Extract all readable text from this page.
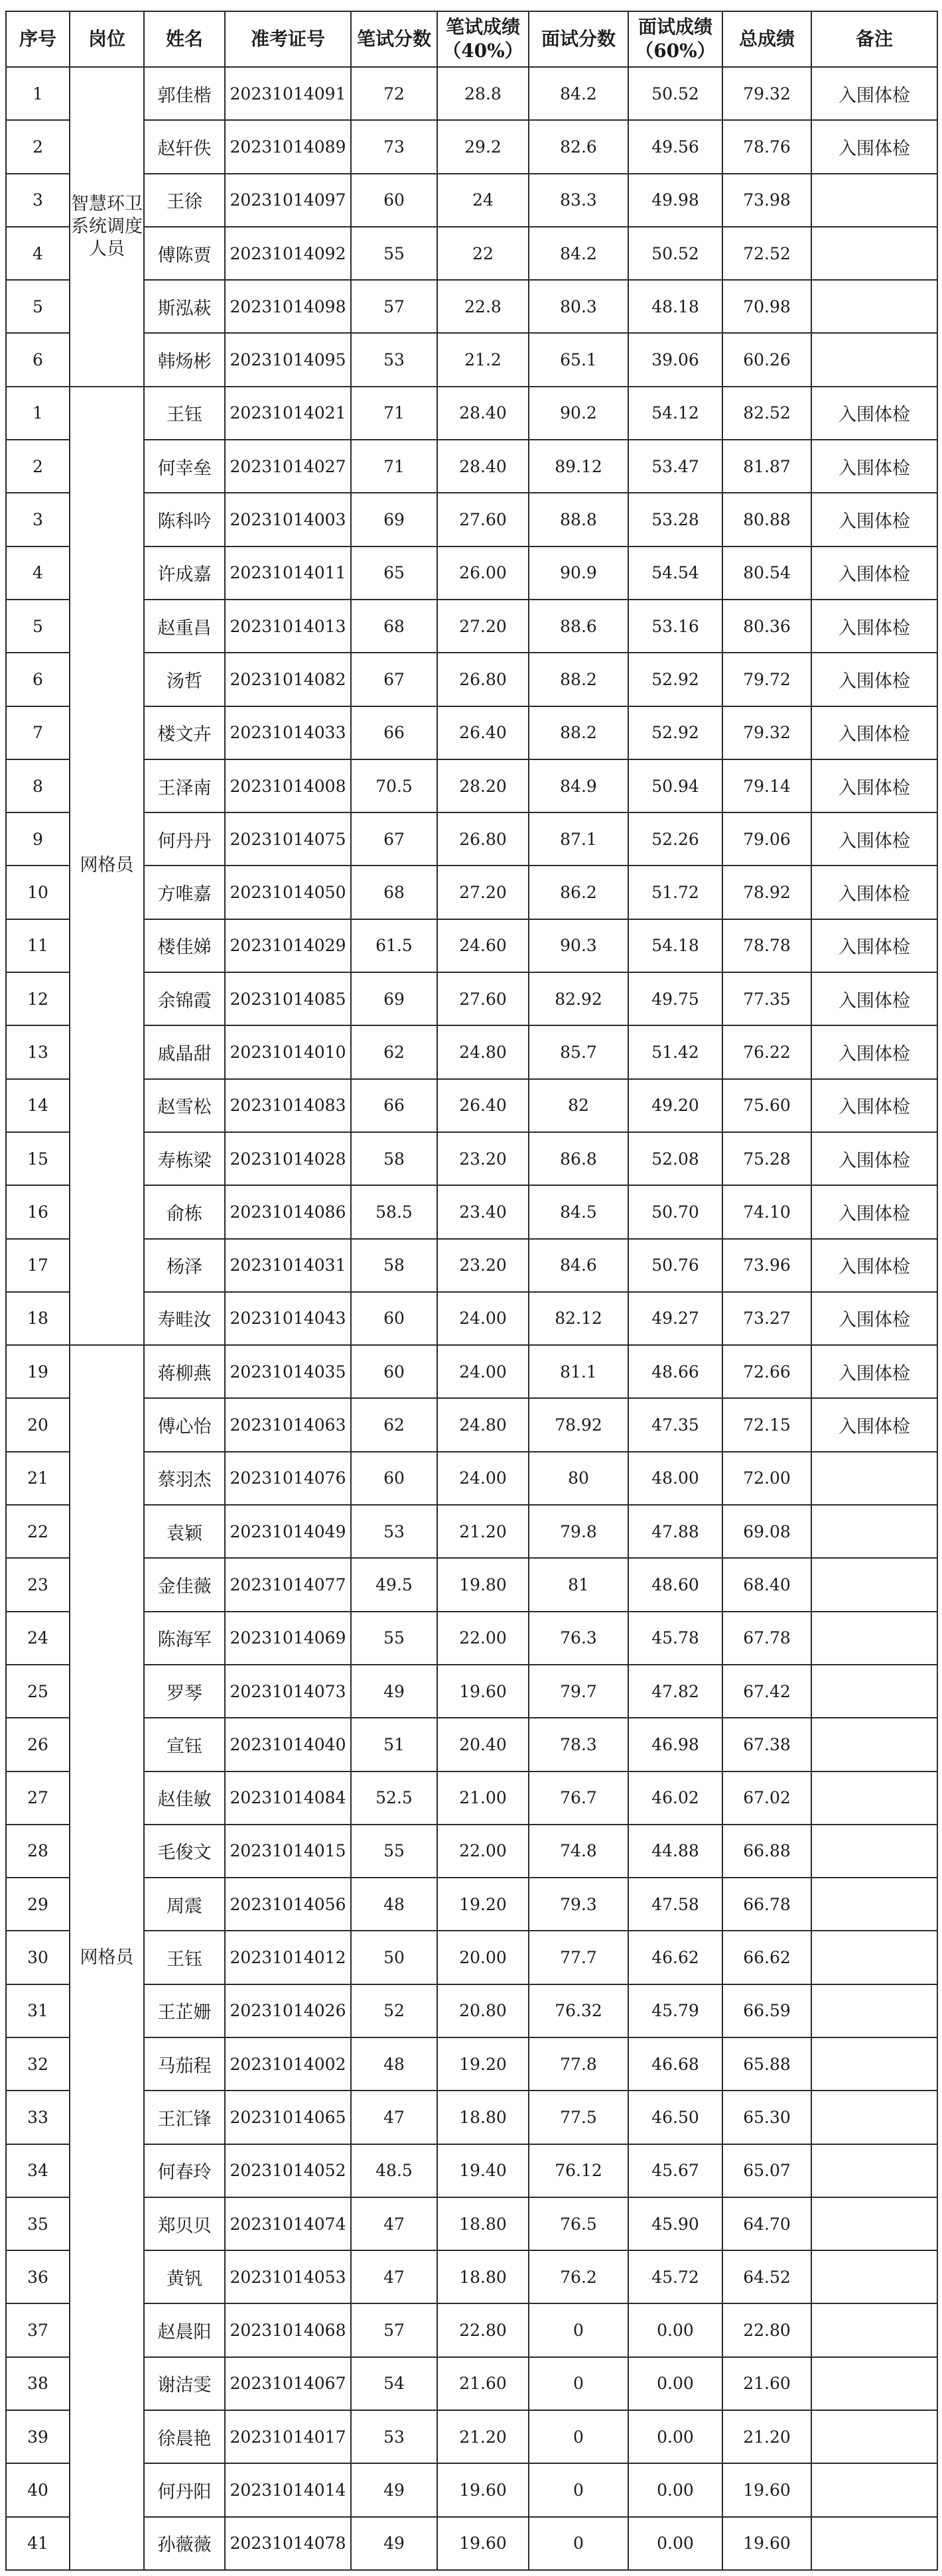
序号	岗位	姓名	准考证号	笔试分数	笔试成绩（40%）	面试分数	面试成绩（60%）	总成绩	备注
1	智慧环卫系统调度人员	郭佳楷	20231014091	72	28.8	84.2	50.52	79.32	入围体检
2		赵轩佚	20231014089	73	29.2	82.6	49.56	78.76	入围体检
3		王徐	20231014097	60	24	83.3	49.98	73.98	
4		傅陈贾	20231014092	55	22	84.2	50.52	72.52	
5		斯泓萩	20231014098	57	22.8	80.3	48.18	70.98	
6		韩炀彬	20231014095	53	21.2	65.1	39.06	60.26	
1	网格员	王钰	20231014021	71	28.40	90.2	54.12	82.52	入围体检
2		何幸垒	20231014027	71	28.40	89.12	53.47	81.87	入围体检
3		陈科吟	20231014003	69	27.60	88.8	53.28	80.88	入围体检
4		许成嘉	20231014011	65	26.00	90.9	54.54	80.54	入围体检
5		赵重昌	20231014013	68	27.20	88.6	53.16	80.36	入围体检
6		汤哲	20231014082	67	26.80	88.2	52.92	79.72	入围体检
7		楼文卉	20231014033	66	26.40	88.2	52.92	79.32	入围体检
8		王泽南	20231014008	70.5	28.20	84.9	50.94	79.14	入围体检
9		何丹丹	20231014075	67	26.80	87.1	52.26	79.06	入围体检
10		方唯嘉	20231014050	68	27.20	86.2	51.72	78.92	入围体检
11		楼佳娣	20231014029	61.5	24.60	90.3	54.18	78.78	入围体检
12		余锦霞	20231014085	69	27.60	82.92	49.75	77.35	入围体检
13		戚晶甜	20231014010	62	24.80	85.7	51.42	76.22	入围体检
14		赵雪松	20231014083	66	26.40	82	49.20	75.60	入围体检
15		寿栋梁	20231014028	58	23.20	86.8	52.08	75.28	入围体检
16		俞栋	20231014086	58.5	23.40	84.5	50.70	74.10	入围体检
17		杨泽	20231014031	58	23.20	84.6	50.76	73.96	入围体检
18		寿畦汝	20231014043	60	24.00	82.12	49.27	73.27	入围体检
19	网格员	蒋柳燕	20231014035	60	24.00	81.1	48.66	72.66	入围体检
20		傅心怡	20231014063	62	24.80	78.92	47.35	72.15	入围体检
21		蔡羽杰	20231014076	60	24.00	80	48.00	72.00	
22		袁颖	20231014049	53	21.20	79.8	47.88	69.08	
23		金佳薇	20231014077	49.5	19.80	81	48.60	68.40	
24		陈海军	20231014069	55	22.00	76.3	45.78	67.78	
25		罗琴	20231014073	49	19.60	79.7	47.82	67.42	
26		宣钰	20231014040	51	20.40	78.3	46.98	67.38	
27		赵佳敏	20231014084	52.5	21.00	76.7	46.02	67.02	
28		毛俊文	20231014015	55	22.00	74.8	44.88	66.88	
29		周震	20231014056	48	19.20	79.3	47.58	66.78	
30		王钰	20231014012	50	20.00	77.7	46.62	66.62	
31		王芷姗	20231014026	52	20.80	76.32	45.79	66.59	
32		马茄程	20231014002	48	19.20	77.8	46.68	65.88	
33		王汇锋	20231014065	47	18.80	77.5	46.50	65.30	
34		何春玲	20231014052	48.5	19.40	76.12	45.67	65.07	
35		郑贝贝	20231014074	47	18.80	76.5	45.90	64.70	
36		黄钒	20231014053	47	18.80	76.2	45.72	64.52	
37		赵晨阳	20231014068	57	22.80	0	0.00	22.80	
38		谢洁雯	20231014067	54	21.60	0	0.00	21.60	
39		徐晨艳	20231014017	53	21.20	0	0.00	21.20	
40		何丹阳	20231014014	49	19.60	0	0.00	19.60	
41		孙薇薇	20231014078	49	19.60	0	0.00	19.60	
